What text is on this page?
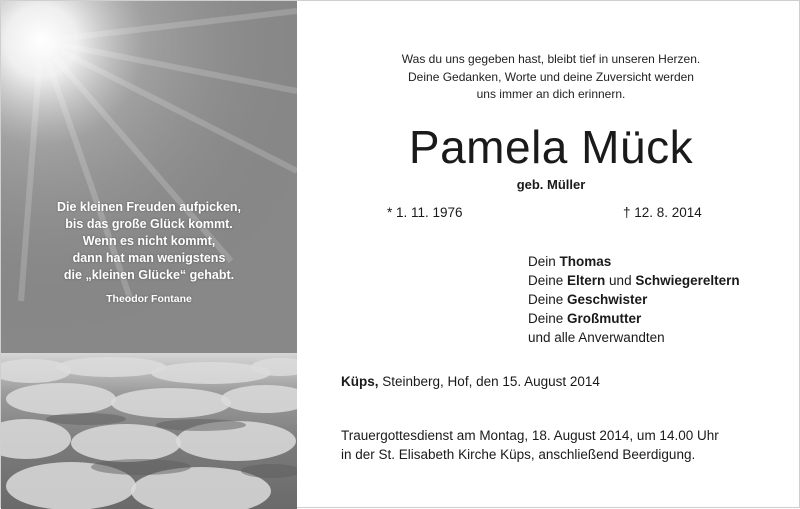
Die kleinen Freuden aufpicken,
bis das große Glück kommt.
Wenn es nicht kommt,
dann hat man wenigstens
die „kleinen Glücke“ gehabt.
Theodor Fontane
Was du uns gegeben hast, bleibt tief in unseren Herzen.
Deine Gedanken, Worte und deine Zuversicht werden
uns immer an dich erinnern.
Pamela Mück
geb. Müller
* 1. 11. 1976	† 12. 8. 2014
Dein Thomas
Deine Eltern und Schwiegereltern
Deine Geschwister
Deine Großmutter
und alle Anverwandten
Küps, Steinberg, Hof, den 15. August 2014
Trauergottesdienst am Montag, 18. August 2014, um 14.00 Uhr
in der St. Elisabeth Kirche Küps, anschließend Beerdigung.
